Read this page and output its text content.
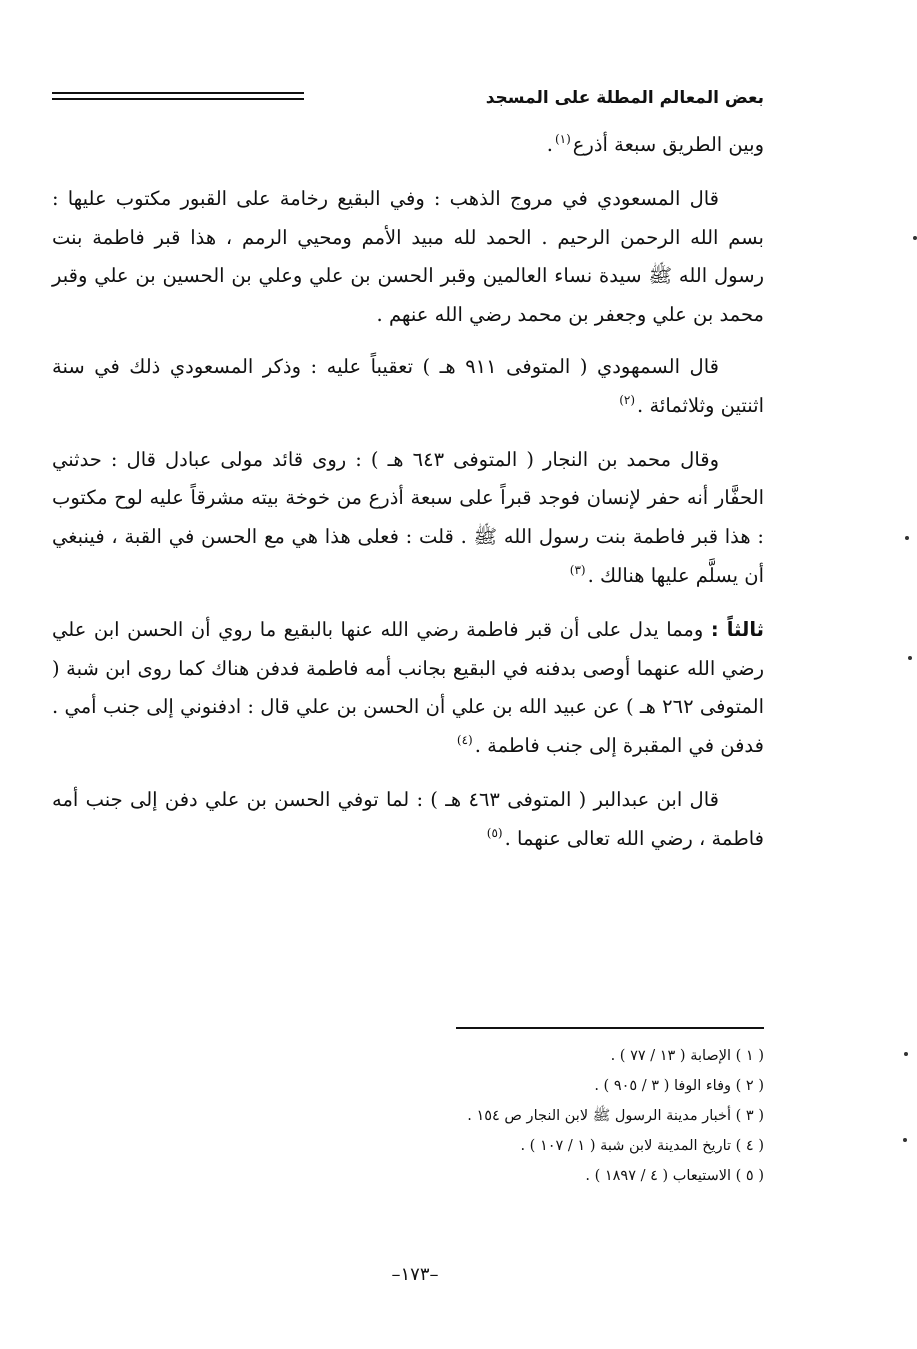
بعض المعالم المطلة على المسجد

وبين الطريق سبعة أذرع$^{(١)}$.

قال المسعودي في مروج الذهب : وفي البقيع رخامة على القبور مكتوب عليها : بسم الله الرحمن الرحيم . الحمد لله مبيد الأمم ومحيي الرمم ، هذا قبر فاطمة بنت رسول الله ﷺ سيدة نساء العالمين وقبر الحسن بن علي وعلي بن الحسين بن علي وقبر محمد بن علي وجعفر بن محمد رضي الله عنهم .

قال السمهودي ( المتوفى ٩١١ هـ ) تعقيباً عليه : وذكر المسعودي ذلك في سنة اثنتين وثلاثمائة .$^{(٢)}$

وقال محمد بن النجار ( المتوفى ٦٤٣ هـ ) : روى قائد مولى عبادل قال : حدثني الحفَّار أنه حفر لإنسان فوجد قبراً على سبعة أذرع من خوخة بيته مشرقاً عليه لوح مكتوب : هذا قبر فاطمة بنت رسول الله ﷺ . قلت : فعلى هذا هي مع الحسن في القبة ، فينبغي أن يسلَّم عليها هنالك .$^{(٣)}$

ثالثاً : ومما يدل على أن قبر فاطمة رضي الله عنها بالبقيع ما روي أن الحسن ابن علي رضي الله عنهما أوصى بدفنه في البقيع بجانب أمه فاطمة فدفن هناك كما روى ابن شبة ( المتوفى ٢٦٢ هـ ) عن عبيد الله بن علي أن الحسن بن علي قال : ادفنوني إلى جنب أمي . فدفن في المقبرة إلى جنب فاطمة .$^{(٤)}$

قال ابن عبدالبر ( المتوفى ٤٦٣ هـ ) : لما توفي الحسن بن علي دفن إلى جنب أمه فاطمة ، رضي الله تعالى عنهما .$^{(٥)}$

( ١ ) الإصابة ( ١٣ / ٧٧ ) .
( ٢ ) وفاء الوفا ( ٣ / ٩٠٥ ) .
( ٣ ) أخبار مدينة الرسول ﷺ لابن النجار ص ١٥٤ .
( ٤ ) تاريخ المدينة لابن شبة ( ١ / ١٠٧ ) .
( ٥ ) الاستيعاب ( ٤ / ١٨٩٧ ) .
–١٧٣–
